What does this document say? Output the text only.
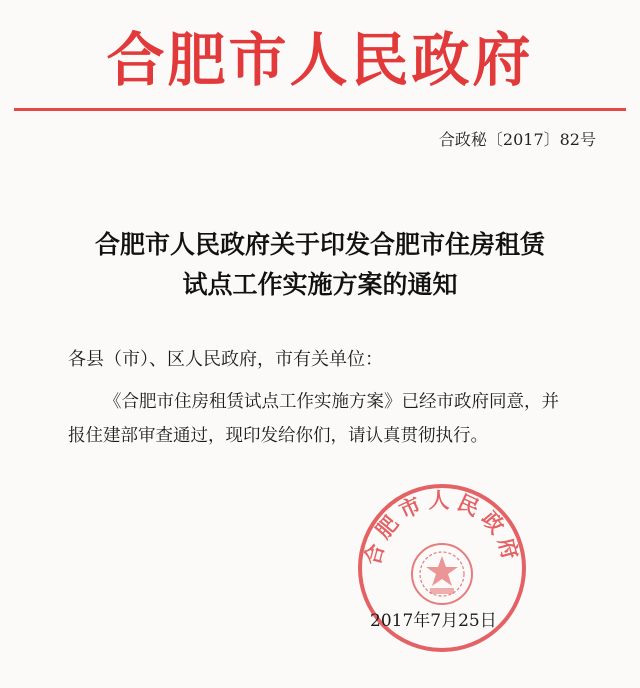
合肥市人民政府
合政秘〔2017〕82号
合肥市人民政府关于印发合肥市住房租赁
试点工作实施方案的通知
各县（市）、区人民政府，市有关单位：
《合肥市住房租赁试点工作实施方案》已经市政府同意，并
报住建部审查通过，现印发给你们，请认真贯彻执行。
合肥市人民政府
2017年7月25日
